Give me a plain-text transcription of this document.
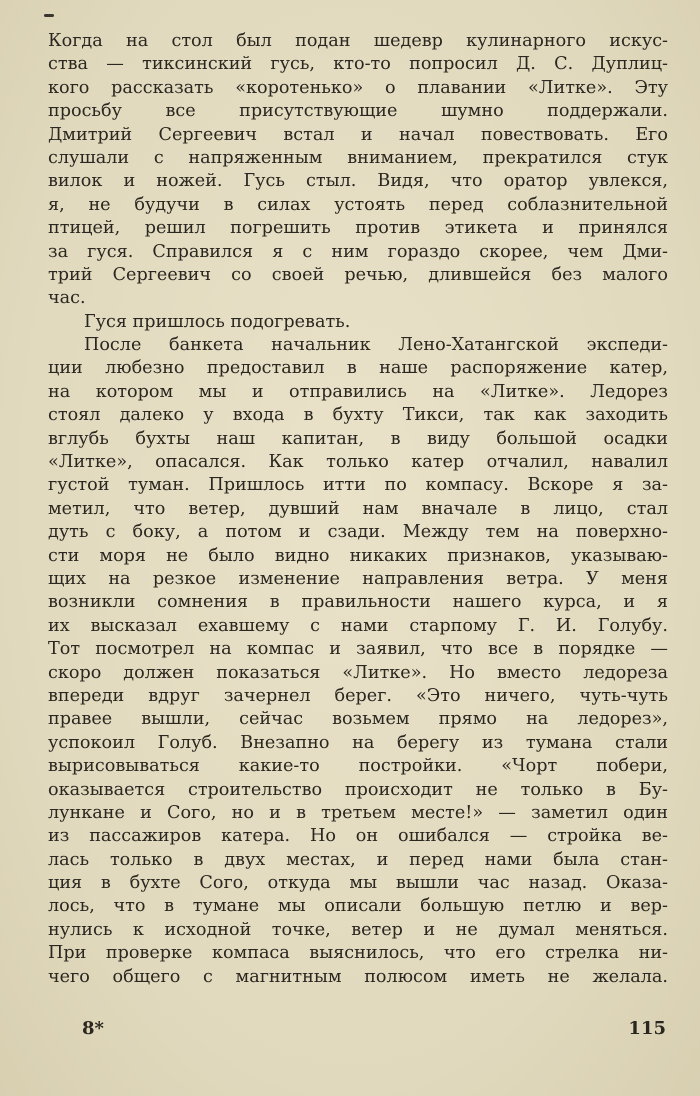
Когда на стол был подан шедевр кулинарного искус-
ства — тиксинский гусь, кто-то попросил Д. С. Дуплиц-
кого рассказать «коротенько» о плавании «Литке». Эту
просьбу все присутствующие шумно поддержали.
Дмитрий Сергеевич встал и начал повествовать. Его
слушали с напряженным вниманием, прекратился стук
вилок и ножей. Гусь стыл. Видя, что оратор увлекся,
я, не будучи в силах устоять перед соблазнительной
птицей, решил погрешить против этикета и принялся
за гуся. Справился я с ним гораздо скорее, чем Дми-
трий Сергеевич со своей речью, длившейся без малого
час.
Гуся пришлось подогревать.
После банкета начальник Лено-Хатангской экспеди-
ции любезно предоставил в наше распоряжение катер,
на котором мы и отправились на «Литке». Ледорез
стоял далеко у входа в бухту Тикси, так как заходить
вглубь бухты наш капитан, в виду большой осадки
«Литке», опасался. Как только катер отчалил, навалил
густой туман. Пришлось итти по компасу. Вскоре я за-
метил, что ветер, дувший нам вначале в лицо, стал
дуть с боку, а потом и сзади. Между тем на поверхно-
сти моря не было видно никаких признаков, указываю-
щих на резкое изменение направления ветра. У меня
возникли сомнения в правильности нашего курса, и я
их высказал ехавшему с нами старпому Г. И. Голубу.
Тот посмотрел на компас и заявил, что все в порядке —
скоро должен показаться «Литке». Но вместо ледореза
впереди вдруг зачернел берег. «Это ничего, чуть-чуть
правее вышли, сейчас возьмем прямо на ледорез»,
успокоил Голуб. Внезапно на берегу из тумана стали
вырисовываться какие-то постройки. «Чорт побери,
оказывается строительство происходит не только в Бу-
лункане и Сого, но и в третьем месте!» — заметил один
из пассажиров катера. Но он ошибался — стройка ве-
лась только в двух местах, и перед нами была стан-
ция в бухте Сого, откуда мы вышли час назад. Оказа-
лось, что в тумане мы описали большую петлю и вер-
нулись к исходной точке, ветер и не думал меняться.
При проверке компаса выяснилось, что его стрелка ни-
чего общего с магнитным полюсом иметь не желала.
8*	115
